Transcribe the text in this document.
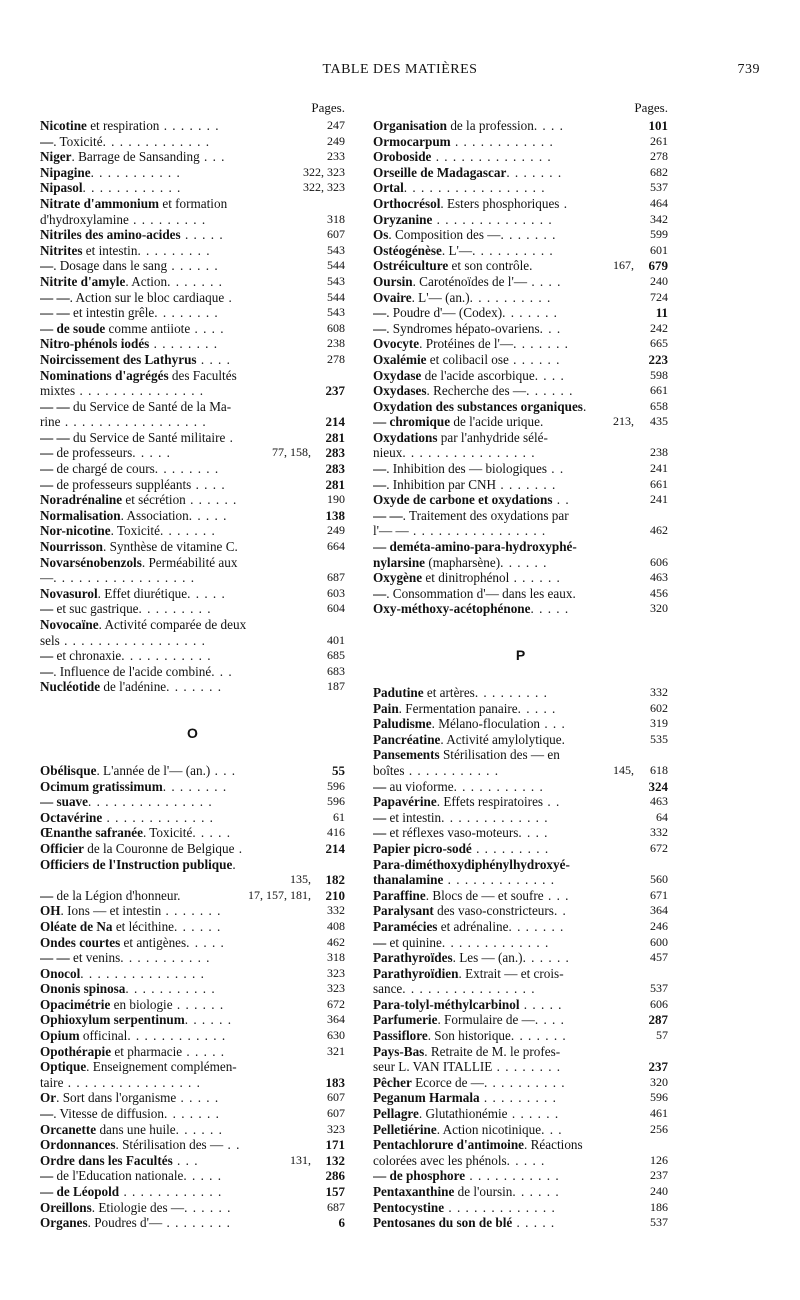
TABLE DES MATIÈRES	739
Pages.
Nicotine et respiration . . . . . . .	247
—. Toxicité. . . . . . . . . . . . .	249
Niger. Barrage de Sansanding . . .	233
Nipagine. . . . . . . . . . .	322, 323
Nipasol. . . . . . . . . . . .	322, 323
Nitrate d'ammonium et formation
d'hydroxylamine . . . . . . . . .	318
Nitriles des amino-acides . . . . .	607
Nitrites et intestin. . . . . . . . .	543
—. Dosage dans le sang . . . . . .	544
Nitrite d'amyle. Action. . . . . . .	543
— —. Action sur le bloc cardiaque .	544
— — et intestin grêle. . . . . . . .	543
— de soude comme antiiote . . . .	608
Nitro-phénols iodés . . . . . . . .	238
Noircissement des Lathyrus . . . .	278
Nominations d'agrégés des Facultés
mixtes . . . . . . . . . . . . . . .	237
— — du Service de Santé de la Ma-
rine . . . . . . . . . . . . . . . . .	214
— — du Service de Santé militaire .	281
— de professeurs. . . . .	77, 158,	283
— de chargé de cours. . . . . . . .	283
— de professeurs suppléants . . . .	281
Noradrénaline et sécrétion . . . . . .	190
Normalisation. Association. . . . .	138
Nor-nicotine. Toxicité. . . . . . .	249
Nourrisson. Synthèse de vitamine C.	664
Novarsénobenzols. Perméabilité aux
—. . . . . . . . . . . . . . . . .	687
Novasurol. Effet diurétique. . . . .	603
— et suc gastrique. . . . . . . . .	604
Novocaïne. Activité comparée de deux
sels . . . . . . . . . . . . . . . . .	401
— et chronaxie. . . . . . . . . . .	685
—. Influence de l'acide combiné. . .	683
Nucléotide de l'adénine. . . . . . .	187
O
Obélisque. L'année de l'— (an.) . . .	55
Ocimum gratissimum. . . . . . . .	596
— suave. . . . . . . . . . . . . . .	596
Octavérine . . . . . . . . . . . . .	61
Œnanthe safranée. Toxicité. . . . .	416
Officier de la Couronne de Belgique .	214
Officiers de l'Instruction publique.
135,	182
— de la Légion d'honneur.	17, 157, 181,	210
OH. Ions — et intestin . . . . . . .	332
Oléate de Na et lécithine. . . . . .	408
Ondes courtes et antigènes. . . . .	462
— — et venins. . . . . . . . . . .	318
Onocol. . . . . . . . . . . . . . .	323
Ononis spinosa. . . . . . . . . . .	323
Opacimétrie en biologie . . . . . .	672
Ophioxylum serpentinum. . . . . .	364
Opium officinal. . . . . . . . . . . .	630
Opothérapie et pharmacie . . . . .	321
Optique. Enseignement complémen-
taire . . . . . . . . . . . . . . . .	183
Or. Sort dans l'organisme . . . . .	607
—. Vitesse de diffusion. . . . . . .	607
Orcanette dans une huile. . . . . .	323
Ordonnances. Stérilisation des — . .	171
Ordre dans les Facultés . . .	131,	132
— de l'Education nationale. . . . .	286
— de Léopold . . . . . . . . . . . .	157
Oreillons. Etiologie des —. . . . . .	687
Organes. Poudres d'— . . . . . . . .	6
Pages.
Organisation de la profession. . . .	101
Ormocarpum . . . . . . . . . . . .	261
Oroboside . . . . . . . . . . . . . .	278
Orseille de Madagascar. . . . . . .	682
Ortal. . . . . . . . . . . . . . . . .	537
Orthocrésol. Esters phosphoriques .	464
Oryzanine . . . . . . . . . . . . . .	342
Os. Composition des —. . . . . . .	599
Ostéogénèse. L'—. . . . . . . . . .	601
Ostréiculture et son contrôle.	167,	679
Oursin. Caroténoïdes de l'— . . . .	240
Ovaire. L'— (an.). . . . . . . . . .	724
—. Poudre d'— (Codex). . . . . . .	11
—. Syndromes hépato-ovariens. . .	242
Ovocyte. Protéines de l'—. . . . . . .	665
Oxalémie et colibacil ose . . . . . .	223
Oxydase de l'acide ascorbique. . . .	598
Oxydases. Recherche des —. . . . . .	661
Oxydation des substances organiques.	658
— chromique de l'acide urique.	213,	435
Oxydations par l'anhydride sélé-
nieux. . . . . . . . . . . . . . . .	238
—. Inhibition des — biologiques . .	241
—. Inhibition par CNH . . . . . . .	661
Oxyde de carbone et oxydations . .	241
— —. Traitement des oxydations par
l'— — . . . . . . . . . . . . . . . .	462
— deméta-amino-para-hydroxyphé-
nylarsine (mapharsène). . . . . .	606
Oxygène et dinitrophénol . . . . . .	463
—. Consommation d'— dans les eaux.	456
Oxy-méthoxy-acétophénone. . . . .	320
P
Padutine et artères. . . . . . . . .	332
Pain. Fermentation panaire. . . . .	602
Paludisme. Mélano-floculation . . .	319
Pancréatine. Activité amylolytique.	535
Pansements Stérilisation des — en
boîtes . . . . . . . . . . .	145,	618
— au vioforme. . . . . . . . . . .	324
Papavérine. Effets respiratoires . .	463
— et intestin. . . . . . . . . . . . .	64
— et réflexes vaso-moteurs. . . .	332
Papier picro-sodé . . . . . . . . .	672
Para-diméthoxydiphénylhydroxyé-
thanalamine . . . . . . . . . . . . .	560
Paraffine. Blocs de — et soufre . . .	671
Paralysant des vaso-constricteurs. .	364
Paramécies et adrénaline. . . . . . .	246
— et quinine. . . . . . . . . . . . .	600
Parathyroïdes. Les — (an.). . . . . .	457
Parathyroïdien. Extrait — et crois-
sance. . . . . . . . . . . . . . . .	537
Para-tolyl-méthylcarbinol . . . . .	606
Parfumerie. Formulaire de —. . . .	287
Passiflore. Son historique. . . . . . .	57
Pays-Bas. Retraite de M. le profes-
seur L. VAN ITALLIE . . . . . . . .	237
Pêcher Ecorce de —. . . . . . . . . .	320
Peganum Harmala . . . . . . . . .	596
Pellagre. Glutathionémie . . . . . .	461
Pelletiérine. Action nicotinique. . .	256
Pentachlorure d'antimoine. Réactions
colorées avec les phénols. . . . .	126
— de phosphore . . . . . . . . . . .	237
Pentaxanthine de l'oursin. . . . . .	240
Pentocystine . . . . . . . . . . . . .	186
Pentosanes du son de blé . . . . .	537
